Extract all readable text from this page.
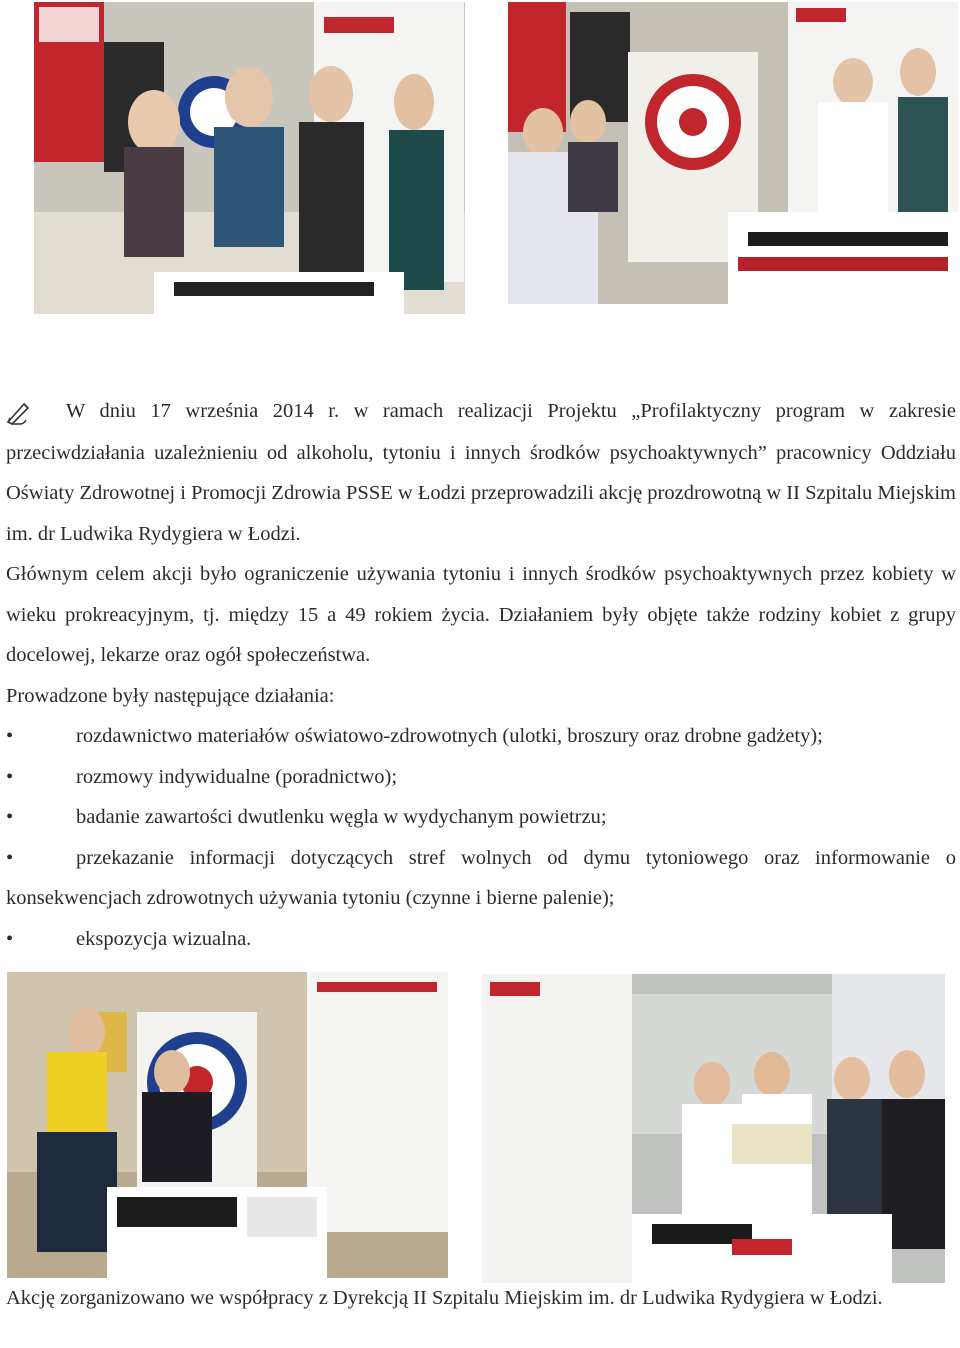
W dniu 17 września 2014 r. w ramach realizacji Projektu „Profilaktyczny program w zakresie przeciwdziałania uzależnieniu od alkoholu, tytoniu i innych środków psychoaktywnych” pracownicy Oddziału Oświaty Zdrowotnej i Promocji Zdrowia PSSE w Łodzi przeprowadzili akcję prozdrowotną w II Szpitalu Miejskim im. dr Ludwika Rydygiera w Łodzi.

Głównym celem akcji było ograniczenie używania tytoniu i innych środków psychoaktywnych przez kobiety w wieku prokreacyjnym, tj. między 15 a 49 rokiem życia. Działaniem były objęte także rodziny kobiet z grupy docelowej, lekarze oraz ogół społeczeństwa.

Prowadzone były następujące działania:

•	rozdawnictwo materiałów oświatowo-zdrowotnych (ulotki, broszury oraz drobne gadżety);

•	rozmowy indywidualne (poradnictwo);

•	badanie zawartości dwutlenku węgla w wydychanym powietrzu;

•	przekazanie informacji dotyczących stref wolnych od dymu tytoniowego oraz informowanie o konsekwencjach zdrowotnych używania tytoniu (czynne i bierne palenie);

•	ekspozycja wizualna.

Akcję zorganizowano we współpracy z Dyrekcją II Szpitalu Miejskim im. dr Ludwika Rydygiera w Łodzi.
